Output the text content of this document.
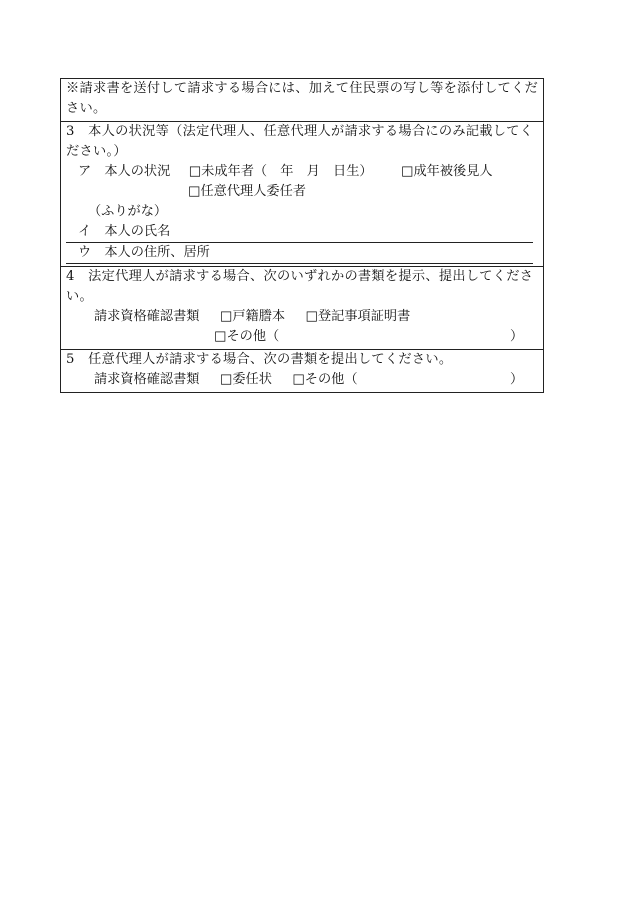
※請求書を送付して請求する場合には、加えて住民票の写し等を添付してください。
3　本人の状況等（法定代理人、任意代理人が請求する場合にのみ記載してください。）
ア　本人の状況 □未成年者（　年　月　日生） □成年被後見人
□任意代理人委任者
（ふりがな）
イ　本人の氏名
ウ　本人の住所、居所
4　法定代理人が請求する場合、次のいずれかの書類を提示、提出してください。
請求資格確認書類 □戸籍謄本 □登記事項証明書
□その他（	）
5　任意代理人が請求する場合、次の書類を提出してください。
請求資格確認書類 □委任状 □その他（	）
